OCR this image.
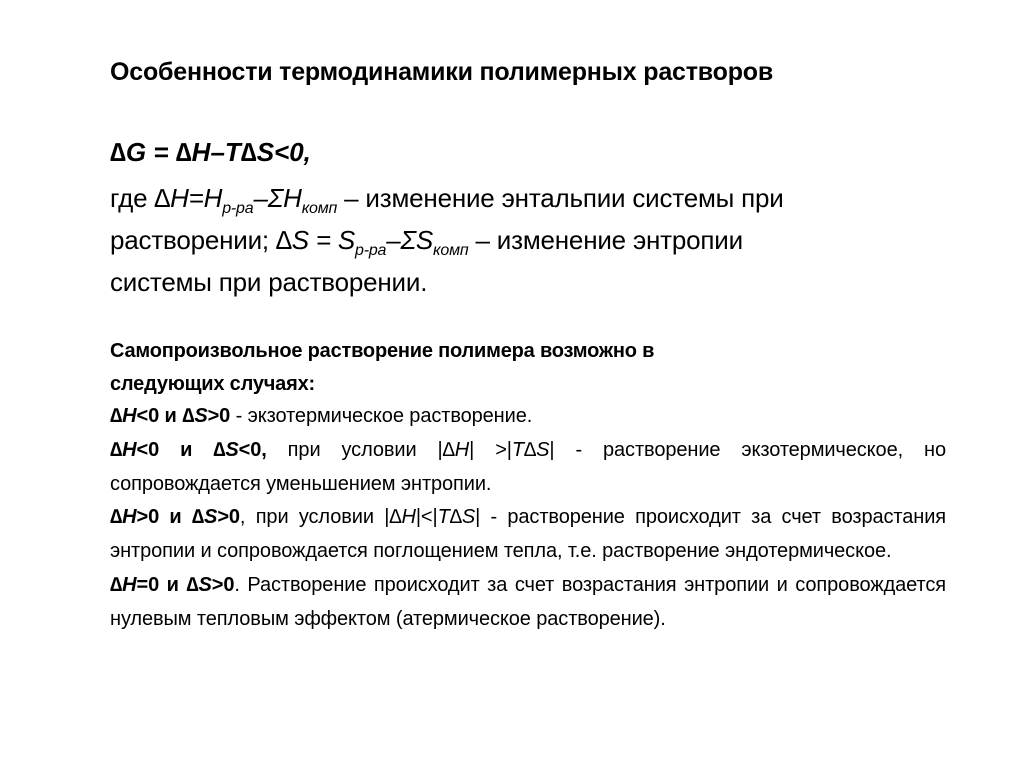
Особенности термодинамики полимерных растворов
∆G = ∆H–T∆S<0,
где $\Delta H=H_{р-ра}-\Sigma H_{комп}$ – изменение энтальпии системы при
растворении; $\Delta S = S_{р-ра}-\Sigma S_{комп}$ – изменение энтропии
системы при растворении.
Самопроизвольное растворение полимера возможно в
следующих случаях:

∆H<0 и ∆S>0 - экзотермическое растворение.

∆H<0 и ∆S<0, при условии |∆H| >|T∆S| - растворение экзотермическое, но сопровождается уменьшением энтропии.

∆H>0 и ∆S>0, при условии |∆H|<|T∆S| - растворение происходит за счет возрастания энтропии и сопровождается поглощением тепла, т.е. растворение эндотермическое.

∆H=0 и ∆S>0. Растворение происходит за счет возрастания энтропии и сопровождается нулевым тепловым эффектом (атермическое растворение).
